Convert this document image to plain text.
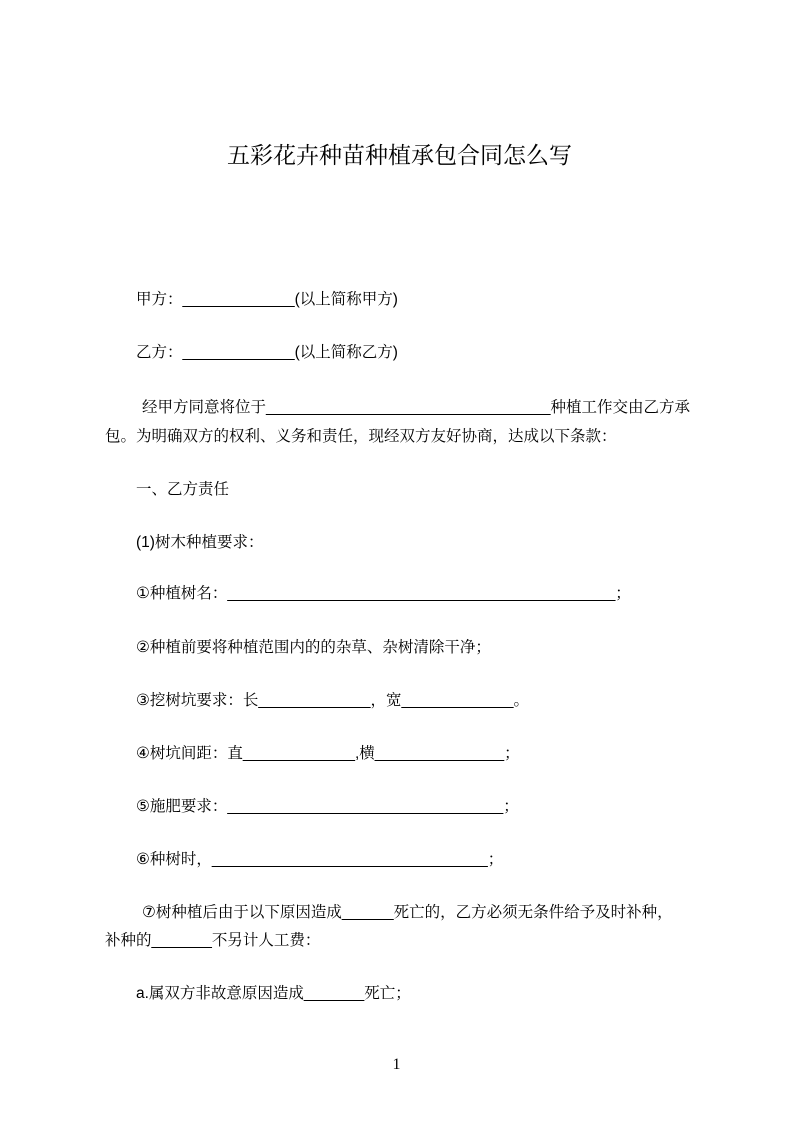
五彩花卉种苗种植承包合同怎么写
甲方：_____________(以上简称甲方)
乙方：_____________(以上简称乙方)
经甲方同意将位于_________________________________种植工作交由乙方承
包。为明确双方的权利、义务和责任，现经双方友好协商，达成以下条款：
一、乙方责任
(1)树木种植要求：
①种植树名：_____________________________________________；
②种植前要将种植范围内的的杂草、杂树清除干净；
③挖树坑要求：长_____________，宽_____________。
④树坑间距：直_____________,横_______________；
⑤施肥要求：________________________________；
⑥种树时，________________________________；
⑦树种植后由于以下原因造成______死亡的，乙方必须无条件给予及时补种，
补种的_______不另计人工费：
a.属双方非故意原因造成_______死亡；
1
